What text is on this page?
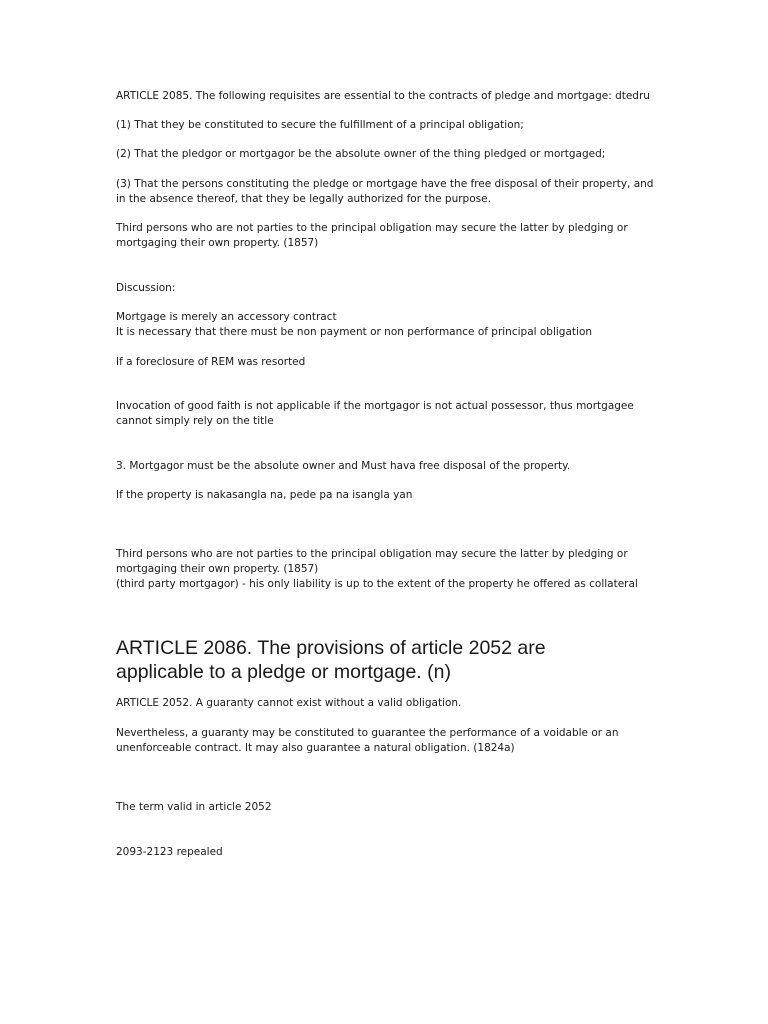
ARTICLE 2085. The following requisites are essential to the contracts of pledge and mortgage: dtedru
(1) That they be constituted to secure the fulfillment of a principal obligation;
(2) That the pledgor or mortgagor be the absolute owner of the thing pledged or mortgaged;
(3) That the persons constituting the pledge or mortgage have the free disposal of their property, and
in the absence thereof, that they be legally authorized for the purpose.
Third persons who are not parties to the principal obligation may secure the latter by pledging or
mortgaging their own property. (1857)
Discussion:
Mortgage is merely an accessory contract
It is necessary that there must be non payment or non performance of principal obligation
If a foreclosure of REM was resorted
Invocation of good faith is not applicable if the mortgagor is not actual possessor, thus mortgagee
cannot simply rely on the title
3. Mortgagor must be the absolute owner and Must hava free disposal of the property.
If the property is nakasangla na, pede pa na isangla yan
Third persons who are not parties to the principal obligation may secure the latter by pledging or
mortgaging their own property. (1857)
(third party mortgagor) - his only liability is up to the extent of the property he offered as collateral
ARTICLE 2086. The provisions of article 2052 are
applicable to a pledge or mortgage. (n)
ARTICLE 2052. A guaranty cannot exist without a valid obligation.
Nevertheless, a guaranty may be constituted to guarantee the performance of a voidable or an
unenforceable contract. It may also guarantee a natural obligation. (1824a)
The term valid in article 2052
2093-2123 repealed
